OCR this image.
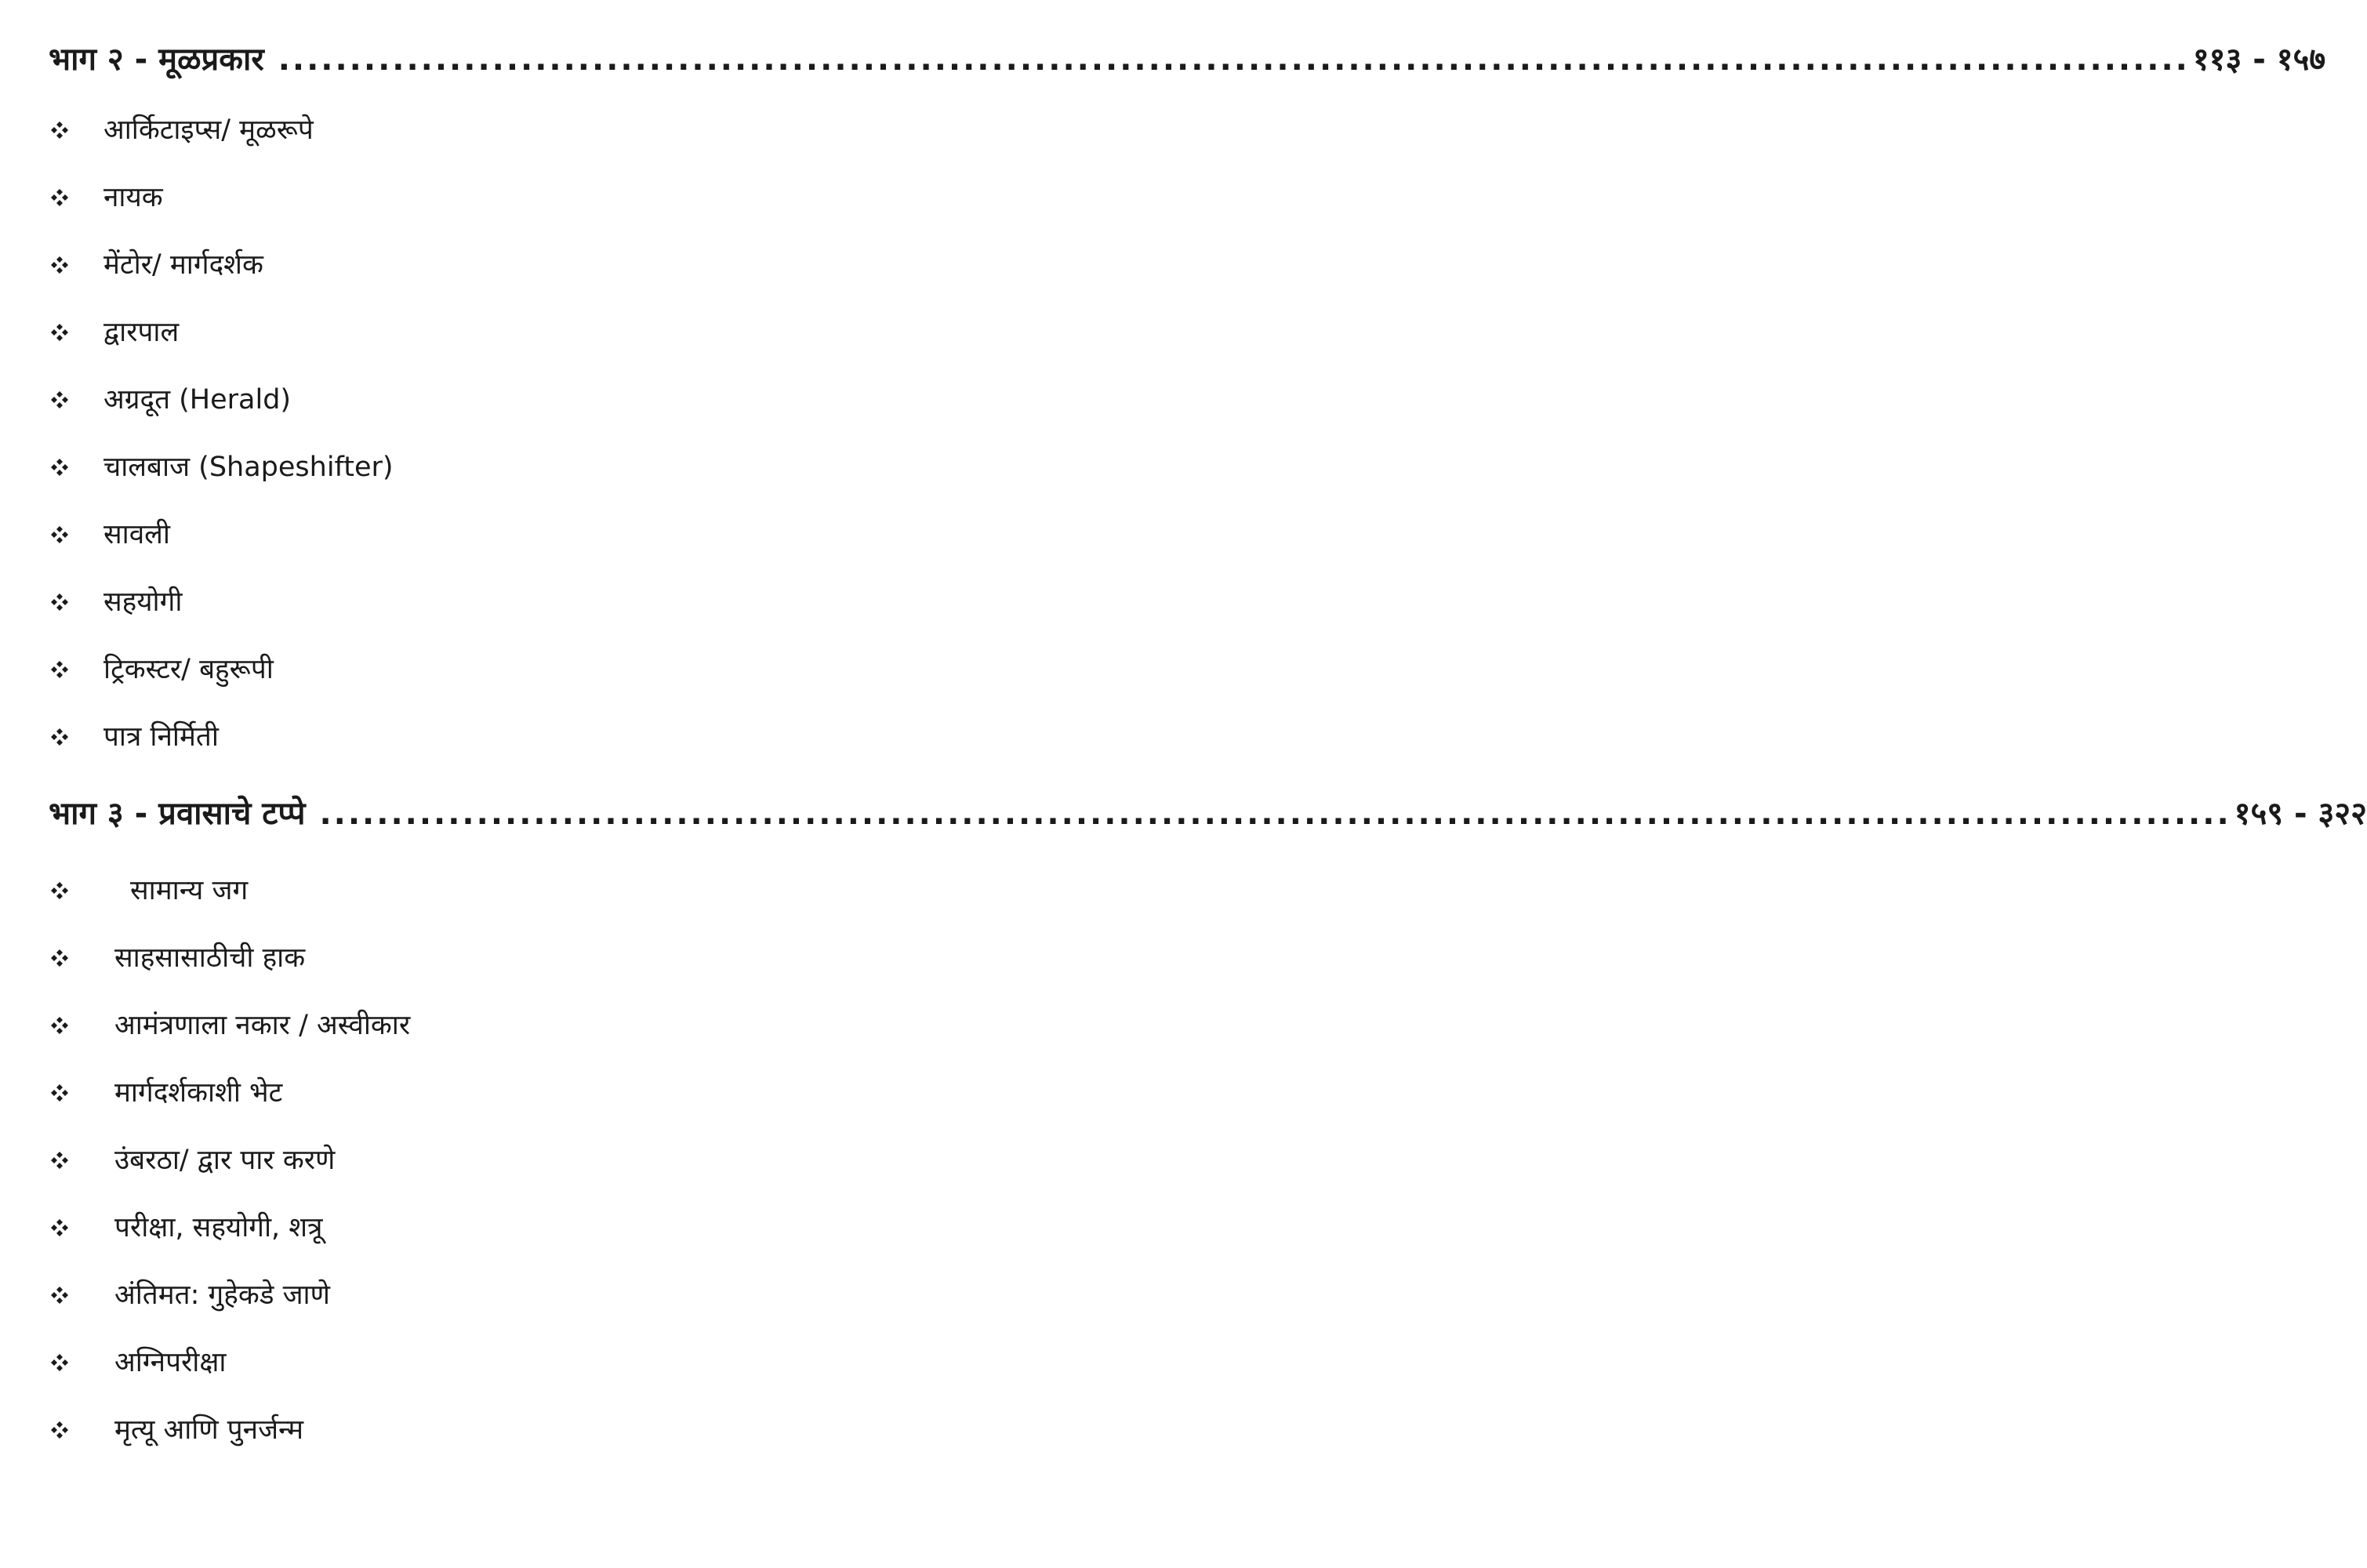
भाग २ - मूळप्रकार ...................................................................................................................................... ११३ - १५७
आर्किटाइप्स/ मूळरूपे
नायक
मेंटोर/ मार्गदर्शक
द्वारपाल
अग्रदूत (Herald)
चालबाज (Shapeshifter)
सावली
सहयोगी
ट्रिकस्टर/ बहुरूपी
पात्र निर्मिती
भाग ३ - प्रवासाचे टप्पे ...................................................................................................................................... १५९ - ३२२
सामान्य जग
साहसासाठीची हाक
आमंत्रणाला नकार / अस्वीकार
मार्गदर्शकाशी भेट
उंबरठा/ द्वार पार करणे
परीक्षा, सहयोगी, शत्रू
अंतिमत: गुहेकडे जाणे
अग्निपरीक्षा
मृत्यू आणि पुनर्जन्म
